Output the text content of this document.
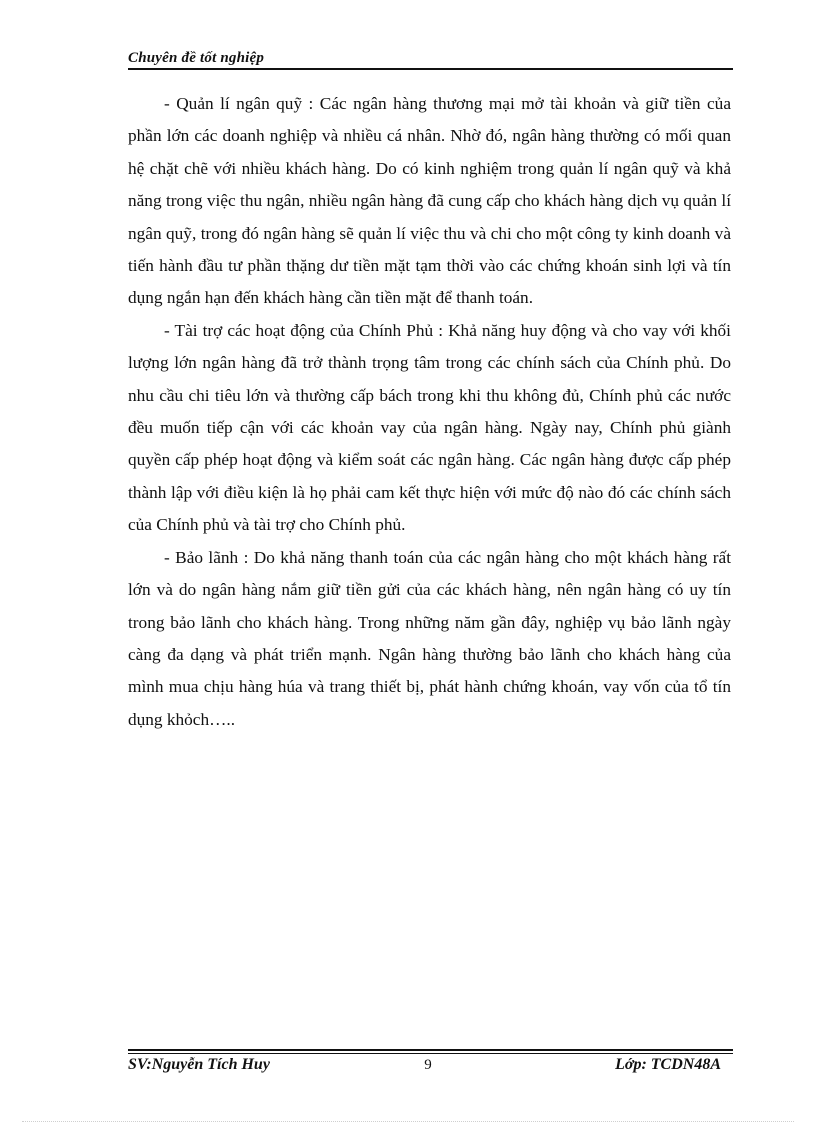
Chuyên đề tốt nghiệp

- Quản lí ngân quỹ : Các ngân hàng thương mại mở tài khoản và giữ tiền của phần lớn các doanh nghiệp và nhiều cá nhân. Nhờ đó, ngân hàng thường có mối quan hệ chặt chẽ với nhiều khách hàng. Do có kinh nghiệm trong quản lí ngân quỹ và khả năng trong việc thu ngân, nhiều ngân hàng đã cung cấp cho khách hàng dịch vụ quản lí ngân quỹ, trong đó ngân hàng sẽ quản lí việc thu và chi cho một công ty kinh doanh và tiến hành đầu tư phần thặng dư tiền mặt tạm thời vào các chứng khoán sinh lợi và tín dụng ngắn hạn đến khách hàng cần tiền mặt để thanh toán.

- Tài trợ các hoạt động của Chính Phủ : Khả năng huy động và cho vay với khối lượng lớn ngân hàng đã trở thành trọng tâm trong các chính sách của Chính phủ. Do nhu cầu chi tiêu lớn và thường cấp bách trong khi thu không đủ, Chính phủ các nước đều muốn tiếp cận với các khoản vay của ngân hàng. Ngày nay, Chính phủ giành quyền cấp phép hoạt động và kiểm soát các ngân hàng. Các ngân hàng được cấp phép thành lập với điều kiện là họ phải cam kết thực hiện với mức độ nào đó các chính sách của Chính phủ và tài trợ cho Chính phủ.

- Bảo lãnh : Do khả năng thanh toán của các ngân hàng cho một khách hàng rất lớn và do ngân hàng nắm giữ tiền gửi của các khách hàng, nên ngân hàng có uy tín trong bảo lãnh cho khách hàng. Trong những năm gần đây, nghiệp vụ bảo lãnh ngày càng đa dạng và phát triển mạnh. Ngân hàng thường bảo lãnh cho khách hàng của mình mua chịu hàng húa và trang thiết bị, phát hành chứng khoán, vay vốn của tổ tín dụng khỏch…..

SV:Nguyễn Tích Huy	9	Lớp: TCDN48A
